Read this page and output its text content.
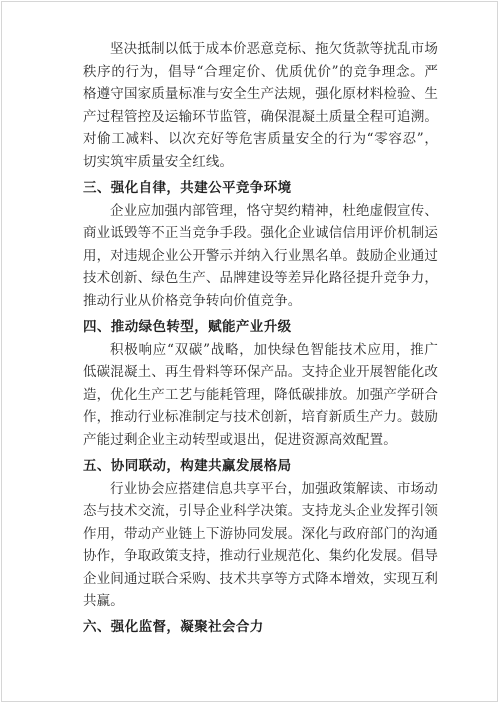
坚决抵制以低于成本价恶意竞标、拖欠货款等扰乱市场秩序的行为，倡导“合理定价、优质优价”的竞争理念。严格遵守国家质量标准与安全生产法规，强化原材料检验、生产过程管控及运输环节监管，确保混凝土质量全程可追溯。对偷工减料、以次充好等危害质量安全的行为“零容忍”，切实筑牢质量安全红线。

三、强化自律，共建公平竞争环境

企业应加强内部管理，恪守契约精神，杜绝虚假宣传、商业诋毁等不正当竞争手段。强化企业诚信信用评价机制运用，对违规企业公开警示并纳入行业黑名单。鼓励企业通过技术创新、绿色生产、品牌建设等差异化路径提升竞争力，推动行业从价格竞争转向价值竞争。

四、推动绿色转型，赋能产业升级

积极响应“双碳”战略，加快绿色智能技术应用，推广低碳混凝土、再生骨料等环保产品。支持企业开展智能化改造，优化生产工艺与能耗管理，降低碳排放。加强产学研合作，推动行业标准制定与技术创新，培育新质生产力。鼓励产能过剩企业主动转型或退出，促进资源高效配置。

五、协同联动，构建共赢发展格局

行业协会应搭建信息共享平台，加强政策解读、市场动态与技术交流，引导企业科学决策。支持龙头企业发挥引领作用，带动产业链上下游协同发展。深化与政府部门的沟通协作，争取政策支持，推动行业规范化、集约化发展。倡导企业间通过联合采购、技术共享等方式降本增效，实现互利共赢。

六、强化监督，凝聚社会合力
